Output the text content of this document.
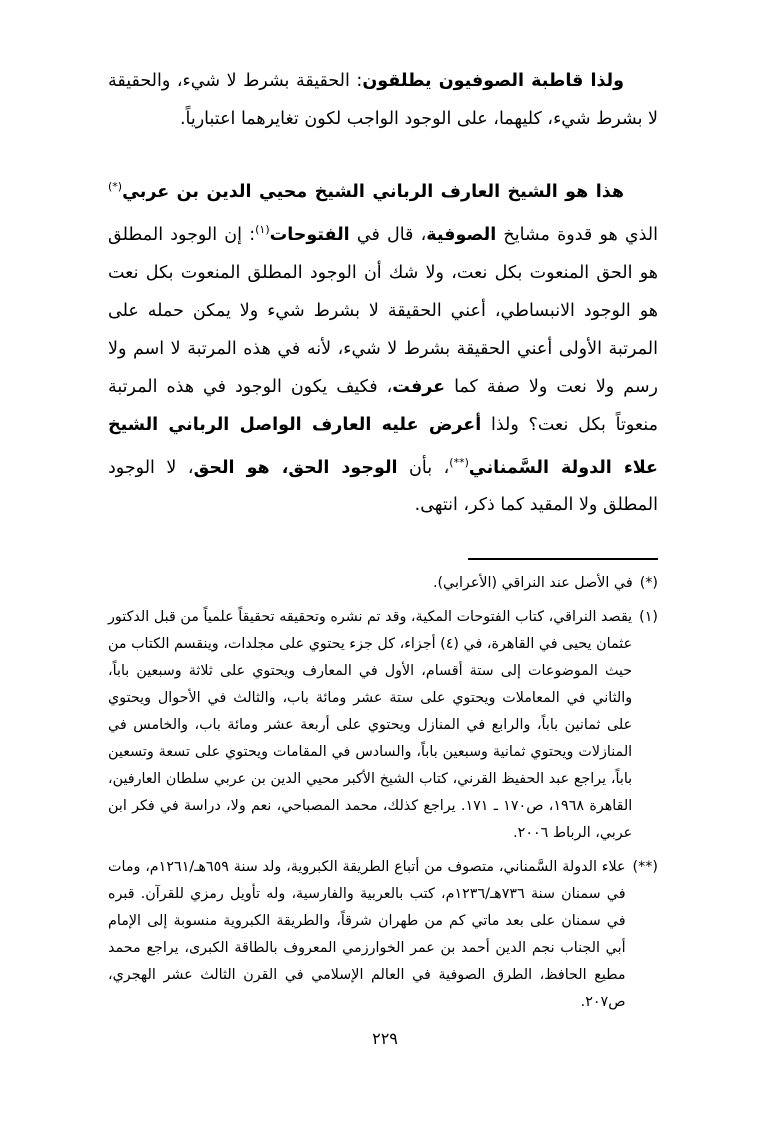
ولذا قاطبة الصوفيون يطلقون: الحقيقة بشرط لا شيء، والحقيقة لا بشرط شيء، كليهما، على الوجود الواجب لكون تغايرهما اعتبارياً.

هذا هو الشيخ العارف الرباني الشيخ محيي الدين بن عربي(*) الذي هو قدوة مشايخ الصوفية، قال في الفتوحات$^{(١)}$: إن الوجود المطلق هو الحق المنعوت بكل نعت، ولا شك أن الوجود المطلق المنعوت بكل نعت هو الوجود الانبساطي، أعني الحقيقة لا بشرط شيء ولا يمكن حمله على المرتبة الأولى أعني الحقيقة بشرط لا شيء، لأنه في هذه المرتبة لا اسم ولا رسم ولا نعت ولا صفة كما عرفت، فكيف يكون الوجود في هذه المرتبة منعوتاً بكل نعت؟ ولذا أعرض عليه العارف الواصل الرباني الشيخ علاء الدولة السَّمناني(**)، بأن الوجود الحق، هو الحق، لا الوجود المطلق ولا المقيد كما ذكر، انتهى.

(*)
في الأصل عند النراقي (الأعرابي).
(١)
يقصد النراقي، كتاب الفتوحات المكية، وقد تم نشره وتحقيقه تحقيقاً علمياً من قبل الدكتور عثمان يحيى في القاهرة، في (٤) أجزاء، كل جزء يحتوي على مجلدات، وينقسم الكتاب من حيث الموضوعات إلى ستة أقسام، الأول في المعارف ويحتوي على ثلاثة وسبعين باباً، والثاني في المعاملات ويحتوي على ستة عشر ومائة باب، والثالث في الأحوال ويحتوي على ثمانين باباً، والرابع في المنازل ويحتوي على أربعة عشر ومائة باب، والخامس في المنازلات ويحتوي ثمانية وسبعين باباً، والسادس في المقامات ويحتوي على تسعة وتسعين باباً، يراجع عبد الحفيظ القرني، كتاب الشيخ الأكبر محيي الدين بن عربي سلطان العارفين، القاهرة ١٩٦٨، ص١٧٠ ـ ١٧١. يراجع كذلك، محمد المصباحي، نعم ولا، دراسة في فكر ابن عربي، الرباط ٢٠٠٦.
(**)
علاء الدولة السَّمناني، متصوف من أتباع الطريقة الكبروية، ولد سنة ٦٥٩هـ/١٢٦١م، ومات في سمنان سنة ٧٣٦هـ/١٢٣٦م، كتب بالعربية والفارسية، وله تأويل رمزي للقرآن. قبره في سمنان على بعد ماتي كم من طهران شرقاً، والطريقة الكبروية منسوبة إلى الإمام أبي الجناب نجم الدين أحمد بن عمر الخوارزمي المعروف بالطاقة الكبرى، يراجع محمد مطيع الحافظ، الطرق الصوفية في العالم الإسلامي في القرن الثالث عشر الهجري، ص٢٠٧.
٢٢٩
